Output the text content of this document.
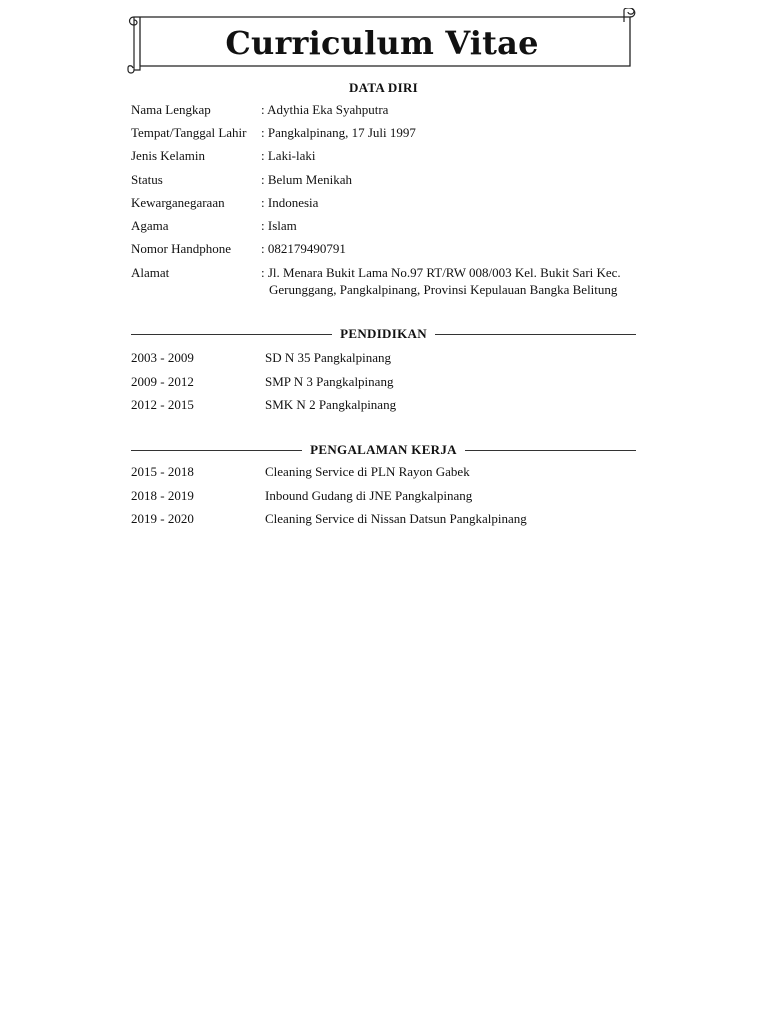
Curriculum Vitae
DATA DIRI
Nama Lengkap	: Adythia Eka Syahputra
Tempat/Tanggal Lahir	: Pangkalpinang, 17 Juli 1997
Jenis Kelamin	: Laki-laki
Status	: Belum Menikah
Kewarganegaraan	: Indonesia
Agama	: Islam
Nomor Handphone	: 082179490791
Alamat	: Jl. Menara Bukit Lama No.97 RT/RW 008/003 Kel. Bukit Sari Kec.
Gerunggang, Pangkalpinang, Provinsi Kepulauan Bangka Belitung
PENDIDIKAN
2003 - 2009	SD N 35 Pangkalpinang
2009 - 2012	SMP N 3 Pangkalpinang
2012 - 2015	SMK N 2 Pangkalpinang
PENGALAMAN KERJA
2015 - 2018	Cleaning Service di PLN Rayon Gabek
2018 - 2019	Inbound Gudang di JNE Pangkalpinang
2019 - 2020	Cleaning Service di Nissan Datsun Pangkalpinang
